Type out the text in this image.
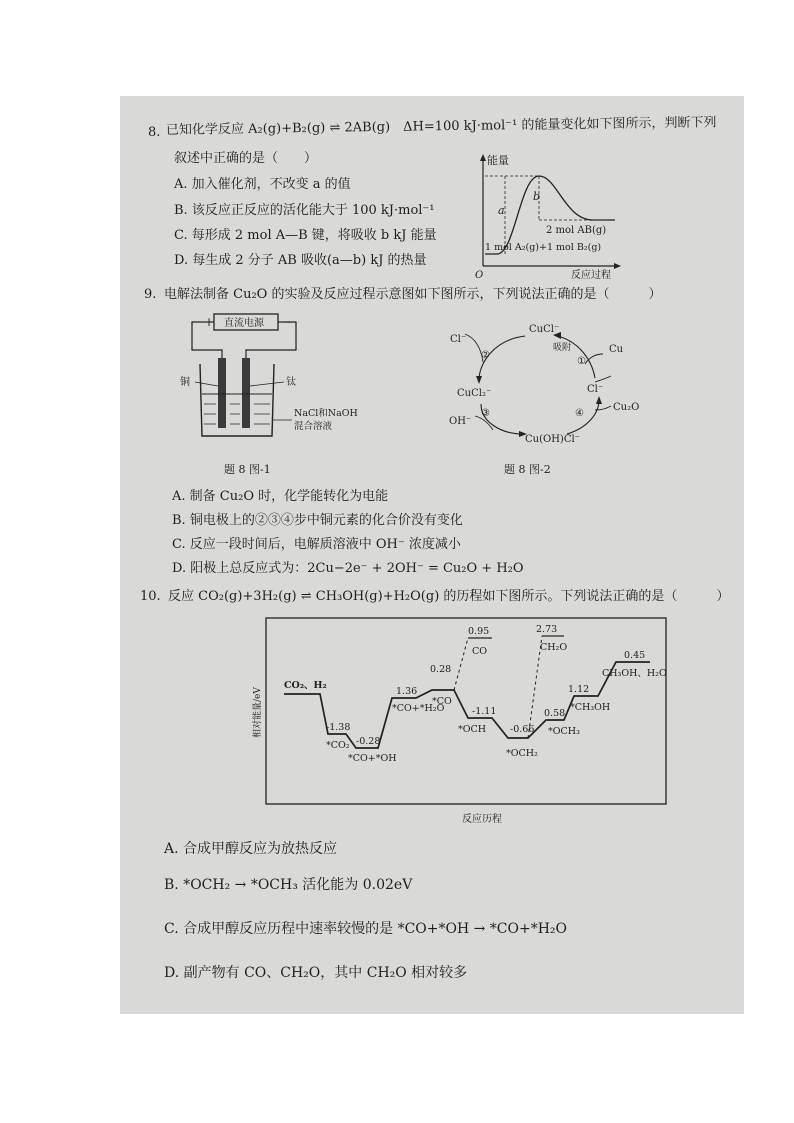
8. 已知化学反应 A₂(g)+B₂(g) ⇌ 2AB(g)　ΔH=100 kJ·mol⁻¹ 的能量变化如下图所示，判断下列
叙述中正确的是（　　）
A. 加入催化剂，不改变 a 的值
B. 该反应正反应的活化能大于 100 kJ·mol⁻¹
C. 每形成 2 mol A—B 键，将吸收 b kJ 能量
D. 每生成 2 分子 AB 吸收(a—b) kJ 的热量
能量
O
a
b
2 mol AB(g)
1 mol A₂(g)+1 mol B₂(g)
反应过程
9. 电解法制备 Cu₂O 的实验及反应过程示意图如下图所示，下列说法正确的是（　　　）
直流电源
+	−
铜	钛
NaCl和NaOH
混合溶液
题 8 图-1
CuCl⁻
Cl⁻
吸附	Cu
②
①
CuCl₂⁻	Cl⁻
③	④
Cu₂O
OH⁻
Cu(OH)Cl⁻
题 8 图-2
A. 制备 Cu₂O 时，化学能转化为电能
B. 铜电极上的②③④步中铜元素的化合价没有变化
C. 反应一段时间后，电解质溶液中 OH⁻ 浓度减小
D. 阳极上总反应式为：2Cu−2e⁻ + 2OH⁻ = Cu₂O + H₂O
10. 反应 CO₂(g)+3H₂(g) ⇌ CH₃OH(g)+H₂O(g) 的历程如下图所示。下列说法正确的是（　　　）
相对能量/eV
反应历程
CO₂、H₂
-1.38
*CO₂ -0.28
*CO+*OH
1.36
*CO+*H₂O
0.28
*CO
0.95
CO
-1.11
*OCH	-0.66
*OCH₂
2.73
CH₂O
0.58
*OCH₃
1.12
*CH₃OH
0.45
CH₃OH、H₂O
A. 合成甲醇反应为放热反应
B. *OCH₂ → *OCH₃ 活化能为 0.02eV
C. 合成甲醇反应历程中速率较慢的是 *CO+*OH → *CO+*H₂O
D. 副产物有 CO、CH₂O，其中 CH₂O 相对较多
